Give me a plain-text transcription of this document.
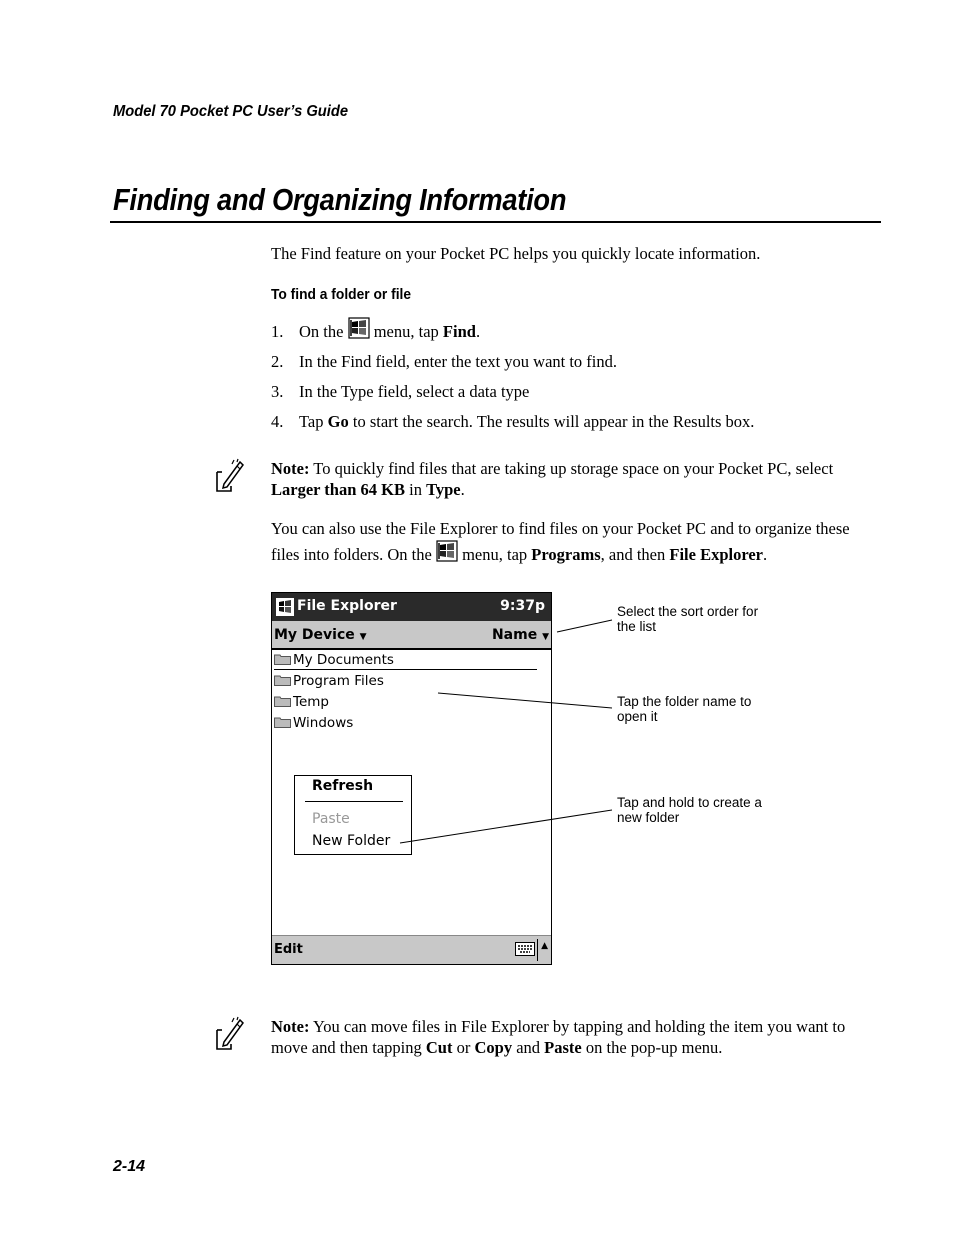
Model 70 Pocket PC User’s Guide
Finding and Organizing Information
The Find feature on your Pocket PC helps you quickly locate information.
To find a folder or file
1. On the  menu, tap Find.
2. In the Find field, enter the text you want to find.
3. In the Type field, select a data type
4. Tap Go to start the search. The results will appear in the Results box.
Note: To quickly find files that are taking up storage space on your Pocket PC, select
Larger than 64 KB in Type.
You can also use the File Explorer to find files on your Pocket PC and to organize these
files into folders. On the  menu, tap Programs, and then File Explorer.
File Explorer	9:37p
My Device ▼	Name ▼
My Documents
Program Files
Temp
Windows
Refresh
Paste
New Folder
Edit	▲
Select the sort order for
the list
Tap the folder name to
open it
Tap and hold to create a
new folder
Note: You can move files in File Explorer by tapping and holding the item you want to
move and then tapping Cut or Copy and Paste on the pop-up menu.
2-14
